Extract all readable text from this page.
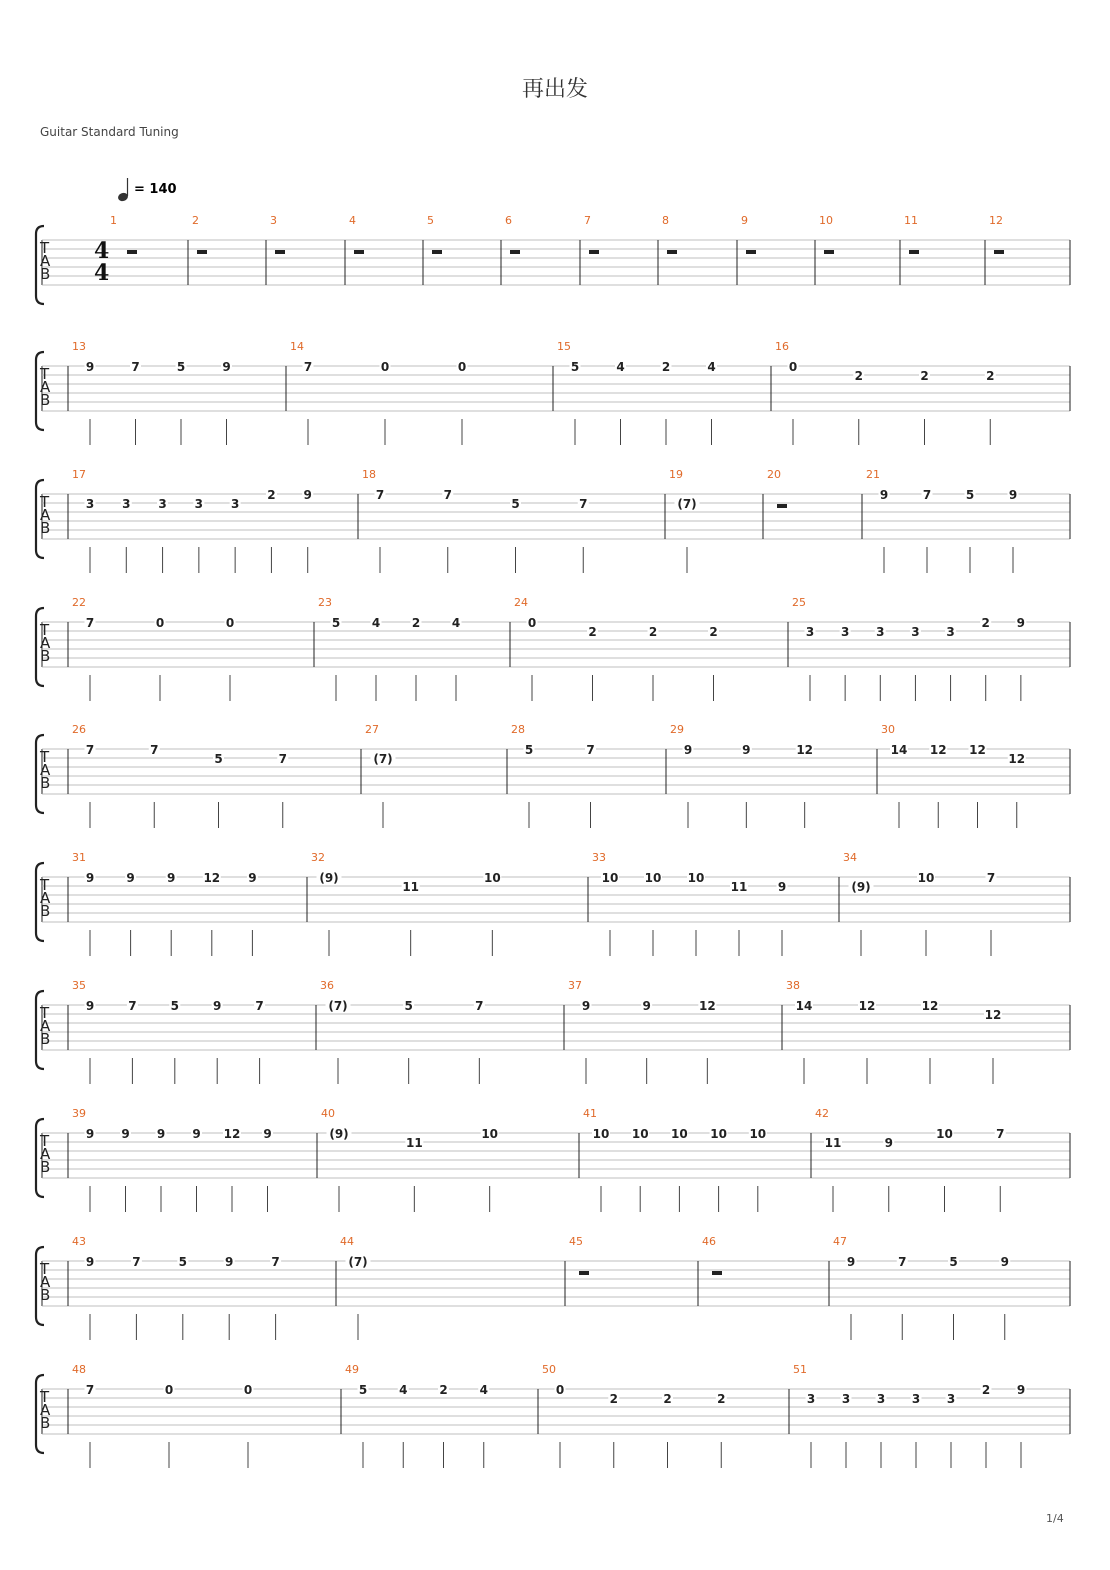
再出发
Guitar Standard Tuning
1/4
= 140
T
A
B
4
4
1	2	3	4	5	6	7	8	9	10	11	12
T
A
B
13
9	7	5	9
14
7	0	0
15
5	4	2	4
16
0
2	2	2
T
A
B
17
3 3 3 3 3
2 9
18
7	7
5	7
19
(7)
20	21
9	7	5	9
T
A
B
22
7	0	0
23
5	4	2	4
24
0
2	2	2
25
3 3 3 3 3
2 9
T
A
B
26
7	7
5	7
27
(7)
28
5	7
29
9	9	12
30
14 12 12
12
T
A
B
31
9	9	9 12 9
32
(9)
11
10
33
10 10 10
11	9
34
(9)
10	7
T
A
B
35
9	7	5	9	7
36
(7)	5	7
37
9	9	12
38
14	12	12
12
T
A
B
39
9 9 9 9 12 9
40
(9)
11
10
41
10 10 10 10 10
42
11	9
10	7
T
A
B
43
9	7	5	9	7
44
(7)
45	46	47
9	7	5	9
T
A
B
48
7	0	0
49
5	4	2	4
50
0
2	2	2
51
3 3 3 3 3
2 9
